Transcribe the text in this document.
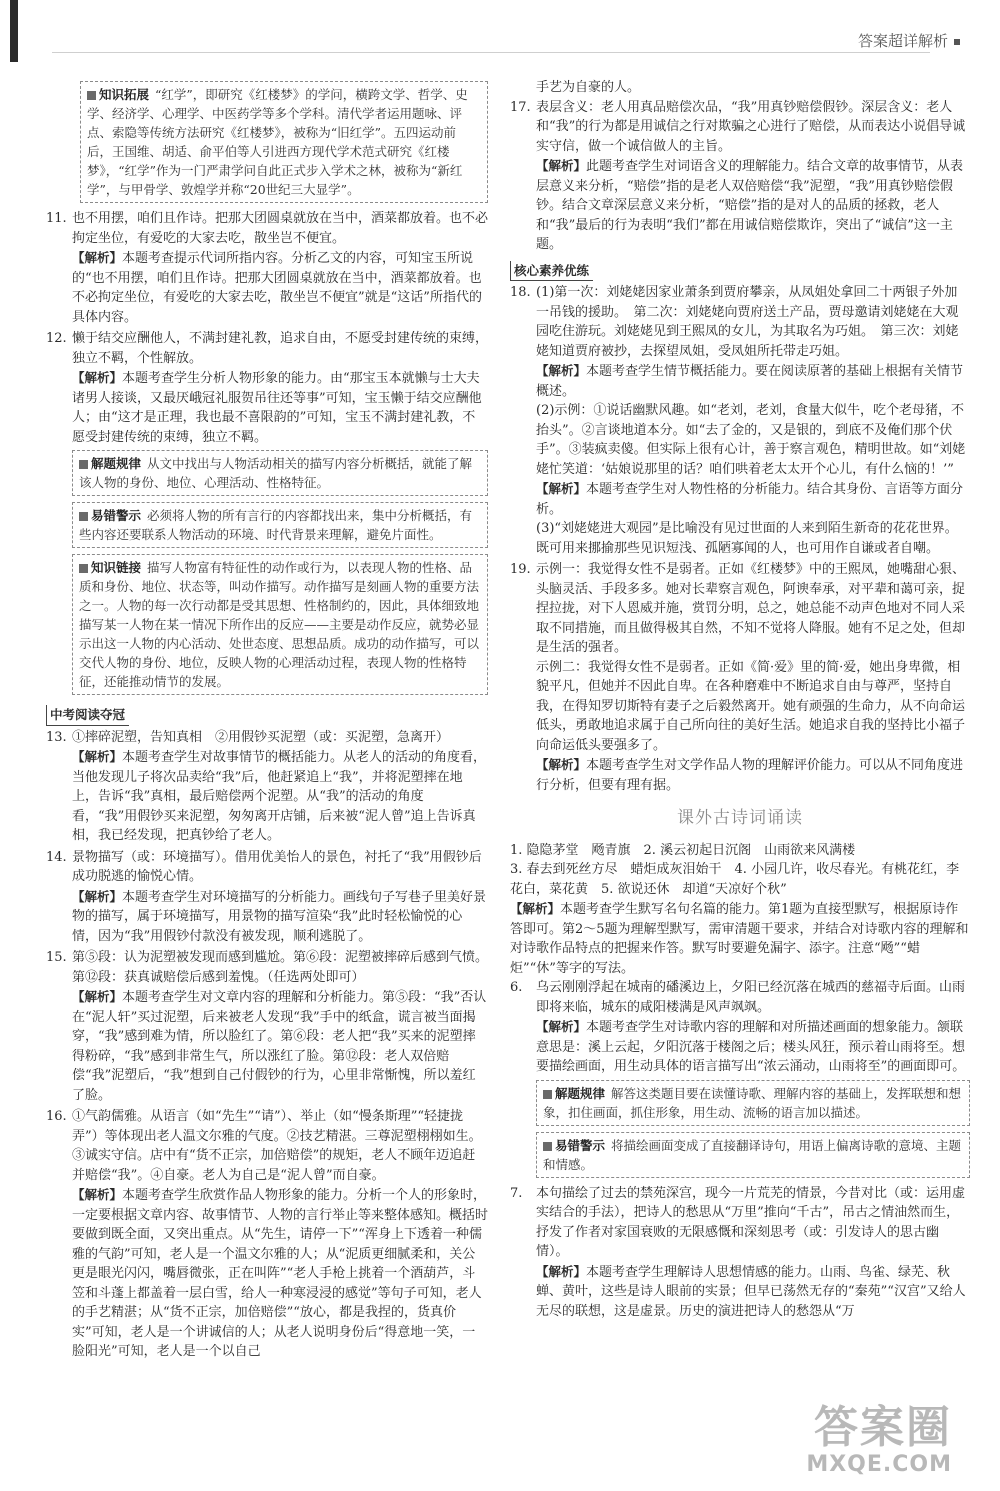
答案超详解析
知识拓展 “红学”，即研究《红楼梦》的学问，横跨文学、哲学、史学、经济学、心理学、中医药学等多个学科。清代学者运用题咏、评点、索隐等传统方法研究《红楼梦》，被称为“旧红学”。五四运动前后，王国维、胡适、俞平伯等人引进西方现代学术范式研究《红楼梦》，“红学”作为一门严肃学问自此正式步入学术之林，被称为“新红学”，与甲骨学、敦煌学并称“20世纪三大显学”。
11. 也不用摆，咱们且作诗。把那大团圆桌就放在当中，酒菜都放着。也不必拘定坐位，有爱吃的大家去吃，散坐岂不便宜。
【解析】本题考查提示代词所指内容。分析乙文的内容，可知宝玉所说的“也不用摆，咱们且作诗。把那大团圆桌就放在当中，酒菜都放着。也不必拘定坐位，有爱吃的大家去吃，散坐岂不便宜”就是“这话”所指代的具体内容。
12. 懒于结交应酬他人，不满封建礼教，追求自由，不愿受封建传统的束缚，独立不羁，个性解放。
【解析】本题考查学生分析人物形象的能力。由“那宝玉本就懒与士大夫诸男人接谈，又最厌峨冠礼服贺吊往还等事”可知，宝玉懒于结交应酬他人；由“这才是正理，我也最不喜限韵的”可知，宝玉不满封建礼教，不愿受封建传统的束缚，独立不羁。
解题规律 从文中找出与人物活动相关的描写内容分析概括，就能了解该人物的身份、地位、心理活动、性格特征。
易错警示 必须将人物的所有言行的内容都找出来，集中分析概括，有些内容还要联系人物活动的环境、时代背景来理解，避免片面性。
知识链接 描写人物富有特征性的动作或行为，以表现人物的性格、品质和身份、地位、状态等，叫动作描写。动作描写是刻画人物的重要方法之一。人物的每一次行动都是受其思想、性格制约的，因此，具体细致地描写某一人物在某一情况下所作出的反应——主要是动作反应，就势必显示出这一人物的内心活动、处世态度、思想品质。成功的动作描写，可以交代人物的身份、地位，反映人物的心理活动过程，表现人物的性格特征，还能推动情节的发展。
中考阅读夺冠
13. ①摔碎泥塑，告知真相　②用假钞买泥塑（或：买泥塑，急离开）
【解析】本题考查学生对故事情节的概括能力。从老人的活动的角度看，当他发现儿子将次品卖给“我”后，他赶紧追上“我”，并将泥塑摔在地上，告诉“我”真相，最后赔偿两个泥塑。从“我”的活动的角度看，“我”用假钞买来泥塑，匆匆离开店铺，后来被“泥人曾”追上告诉真相，我已经发现，把真钞给了老人。
14. 景物描写（或：环境描写）。借用优美怡人的景色，衬托了“我”用假钞后成功脱逃的愉悦心情。
【解析】本题考查学生对环境描写的分析能力。画线句子写巷子里美好景物的描写，属于环境描写，用景物的描写渲染“我”此时轻松愉悦的心情，因为“我”用假钞付款没有被发现，顺利逃脱了。
15. 第⑤段：认为泥塑被发现而感到尴尬。第⑥段：泥塑被摔碎后感到气愤。第⑫段：获真诚赔偿后感到羞愧。（任选两处即可）
【解析】本题考查学生对文章内容的理解和分析能力。第⑤段：“我”否认在“泥人轩”买过泥塑，后来被老人发现“我”手中的纸盒，谎言被当面揭穿，“我”感到难为情，所以脸红了。第⑥段：老人把“我”买来的泥塑摔得粉碎，“我”感到非常生气，所以涨红了脸。第⑫段：老人双倍赔偿“我”泥塑后，“我”想到自己付假钞的行为，心里非常惭愧，所以羞红了脸。
16. ①气韵儒雅。从语言（如“先生”“请”）、举止（如“慢条斯理”“轻捷拢弄”）等体现出老人温文尔雅的气度。②技艺精湛。三尊泥塑栩栩如生。③诚实守信。店中有“货不正宗，加倍赔偿”的规矩，老人不顾年迈追赶并赔偿“我”。④自豪。老人为自己是“泥人曾”而自豪。
【解析】本题考查学生欣赏作品人物形象的能力。分析一个人的形象时，一定要根据文章内容、故事情节、人物的言行举止等来整体感知。概括时要做到既全面，又突出重点。从“先生，请停一下”“浑身上下透着一种儒雅的气韵”可知，老人是一个温文尔雅的人；从“泥质更细腻柔和，关公更是眼光闪闪，嘴唇微张，正在叫阵”“老人手枪上挑着一个酒葫芦，斗笠和斗蓬上都盖着一层白雪，给人一种寒浸浸的感觉”等句子可知，老人的手艺精湛；从“货不正宗，加倍赔偿”“放心，都是我捏的，货真价实”可知，老人是一个讲诚信的人；从老人说明身份后“得意地一笑，一脸阳光”可知，老人是一个以自己
手艺为自豪的人。
17. 表层含义：老人用真品赔偿次品，“我”用真钞赔偿假钞。深层含义：老人和“我”的行为都是用诚信之行对欺骗之心进行了赔偿，从而表达小说倡导诚实守信，做一个诚信做人的主旨。
【解析】此题考查学生对词语含义的理解能力。结合文章的故事情节，从表层意义来分析，“赔偿”指的是老人双倍赔偿“我”泥塑，“我”用真钞赔偿假钞。结合文章深层意义来分析，“赔偿”指的是对人的品质的拯救，老人和“我”最后的行为表明“我们”都在用诚信赔偿欺诈，突出了“诚信”这一主题。
核心素养优练
18. (1)第一次：刘姥姥因家业萧条到贾府攀亲，从凤姐处拿回二十两银子外加一吊钱的援助。　第二次：刘姥姥向贾府送土产品，贾母邀请刘姥姥在大观园吃住游玩。刘姥姥见到王熙凤的女儿，为其取名为巧姐。　第三次：刘姥姥知道贾府被抄，去探望凤姐，受凤姐所托带走巧姐。
【解析】本题考查学生情节概括能力。要在阅读原著的基础上根据有关情节概述。
(2)示例：①说话幽默风趣。如“老刘，老刘，食量大似牛，吃个老母猪，不抬头”。②言谈地道本分。如“去了金的，又是银的，到底不及俺们那个伏手”。③装疯卖傻。但实际上很有心计，善于察言观色，精明世故。如“刘姥姥忙笑道：‘姑娘说那里的话？咱们哄着老太太开个心儿，有什么恼的！’”
【解析】本题考查学生对人物性格的分析能力。结合其身份、言语等方面分析。
(3)“刘姥姥进大观园”是比喻没有见过世面的人来到陌生新奇的花花世界。既可用来挪揄那些见识短浅、孤陋寡闻的人，也可用作自谦或者自嘲。
19. 示例一：我觉得女性不是弱者。正如《红楼梦》中的王熙凤，她嘴甜心狠、头脑灵活、手段多多。她对长辈察言观色，阿谀奉承，对平辈和蔼可亲，捉捏拉拢，对下人恩威并施，赏罚分明，总之，她总能不动声色地对不同人采取不同措施，而且做得极其自然，不知不觉将人降服。她有不足之处，但却是生活的强者。
示例二：我觉得女性不是弱者。正如《简·爱》里的简·爱，她出身卑微，相貌平凡，但她并不因此自卑。在各种磨难中不断追求自由与尊严，坚持自我，在得知罗切斯特有妻子之后毅然离开。她有顽强的生命力，从不向命运低头，勇敢地追求属于自己所向往的美好生活。她追求自我的坚持比小福子向命运低头要强多了。
【解析】本题考查学生对文学作品人物的理解评价能力。可以从不同角度进行分析，但要有理有据。
课外古诗词诵读

1. 隐隐茅堂　飏青旗　2. 溪云初起日沉阁　山雨欲来风满楼

3. 春去到死丝方尽　蜡炬成灰泪始干　4. 小园几许，收尽春光。有桃花红，李花白，菜花黄　5. 欲说还休　却道“天凉好个秋”

【解析】本题考查学生默写名句名篇的能力。第1题为直接型默写，根据原诗作答即可。第2～5题为理解型默写，需审清题干要求，并结合对诗歌内容的理解和对诗歌作品特点的把握来作答。默写时要避免漏字、添字。注意“飏”“蜡炬”“休”等字的写法。

6.	乌云刚刚浮起在城南的磻溪边上，夕阳已经沉落在城西的慈福寺后面。山雨即将来临，城东的咸阳楼满是风声飒飒。
【解析】本题考查学生对诗歌内容的理解和对所描述画面的想象能力。颔联意思是：溪上云起，夕阳沉落于楼阁之后；楼头风狂，预示着山雨将至。想要描绘画面，用生动具体的语言描写出“浓云涌动，山雨将至”的画面即可。
解题规律 解答这类题目要在读懂诗歌、理解内容的基础上，发挥联想和想象，扣住画面，抓住形象，用生动、流畅的语言加以描述。
易错警示 将描绘画面变成了直接翻译诗句，用语上偏离诗歌的意境、主题和情感。
7.	本句描绘了过去的禁苑深宫，现今一片荒芜的情景，今昔对比（或：运用虚实结合的手法），把诗人的愁思从“万里”推向“千古”，吊古之情油然而生，抒发了作者对家国衰败的无限感慨和深刻思考（或：引发诗人的思古幽情）。
【解析】本题考查学生理解诗人思想情感的能力。山雨、鸟雀、绿芜、秋蝉、黄叶，这些是诗人眼前的实景；但早已荡然无存的“秦苑”“汉宫”又给人无尽的联想，这是虚景。历史的演进把诗人的愁怨从“万
答案圈
MXQE.COM
